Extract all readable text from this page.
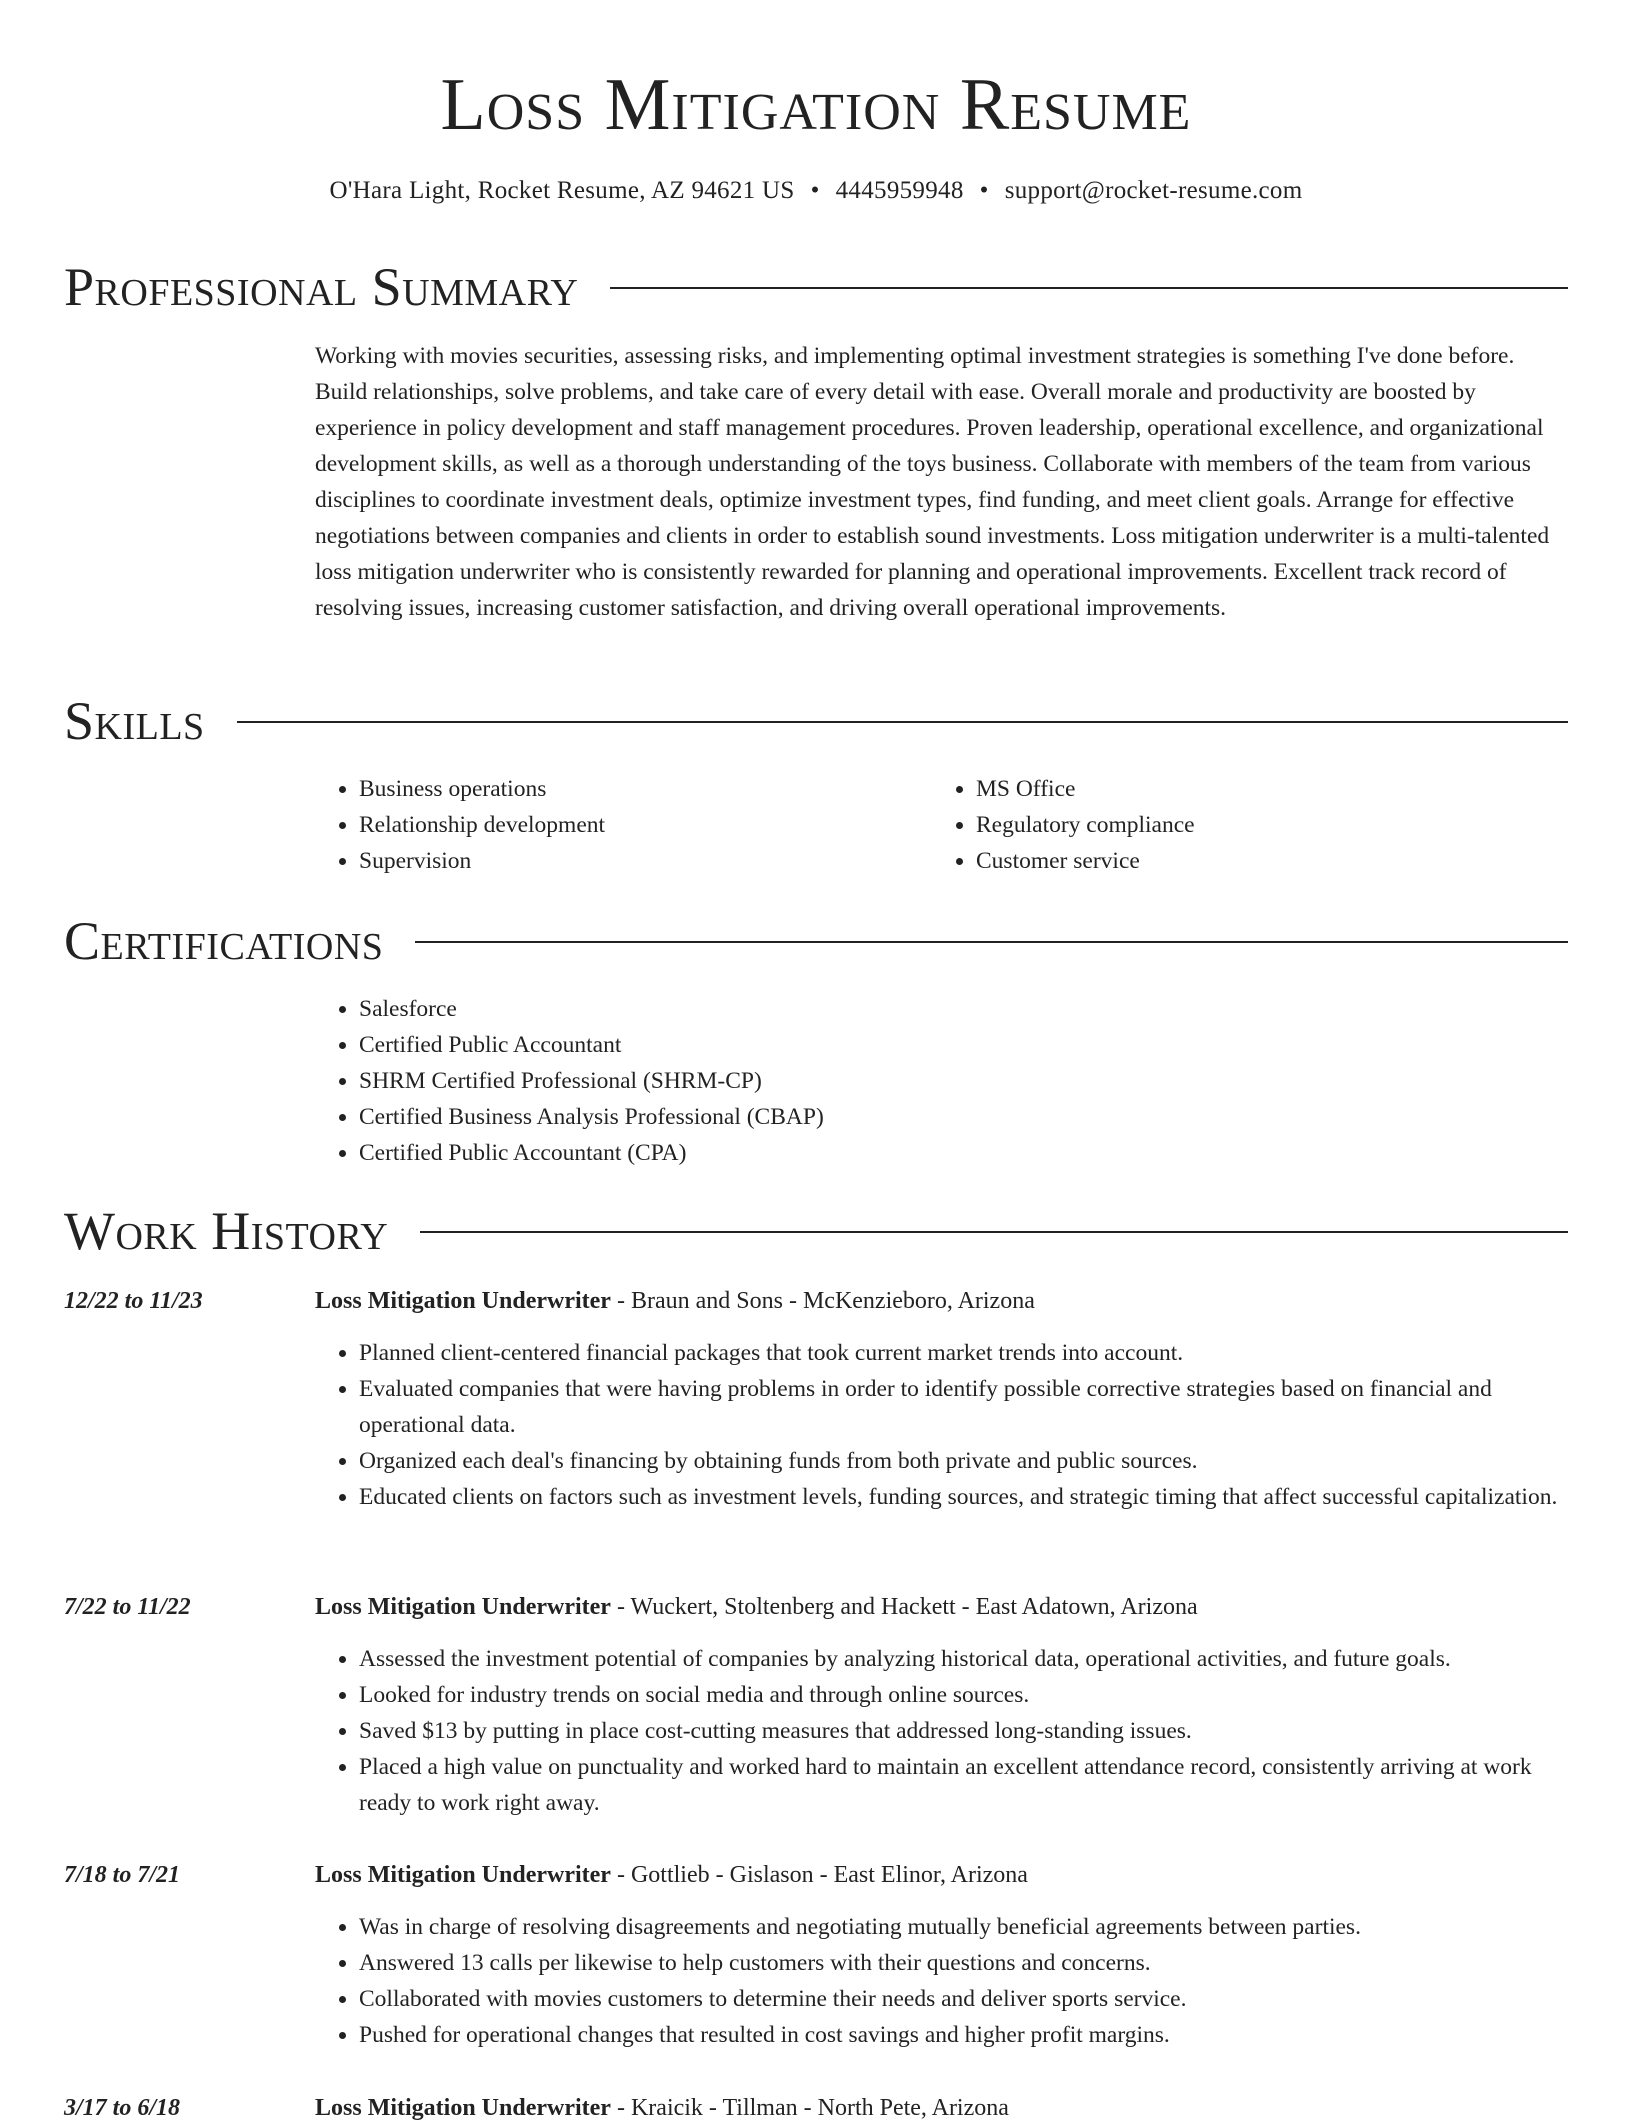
Loss Mitigation Resume
O'Hara Light, Rocket Resume, AZ 94621 US • 4445959948 • support@rocket-resume.com
Professional Summary
Working with movies securities, assessing risks, and implementing optimal investment strategies is something I've done before. Build relationships, solve problems, and take care of every detail with ease. Overall morale and productivity are boosted by experience in policy development and staff management procedures. Proven leadership, operational excellence, and organizational development skills, as well as a thorough understanding of the toys business. Collaborate with members of the team from various disciplines to coordinate investment deals, optimize investment types, find funding, and meet client goals. Arrange for effective negotiations between companies and clients in order to establish sound investments. Loss mitigation underwriter is a multi-talented loss mitigation underwriter who is consistently rewarded for planning and operational improvements. Excellent track record of resolving issues, increasing customer satisfaction, and driving overall operational improvements.
Skills
• Business operations
• Relationship development
• Supervision
• MS Office
• Regulatory compliance
• Customer service
Certifications
• Salesforce
• Certified Public Accountant
• SHRM Certified Professional (SHRM-CP)
• Certified Business Analysis Professional (CBAP)
• Certified Public Accountant (CPA)
Work History
12/22 to 11/23	Loss Mitigation Underwriter - Braun and Sons - McKenzieboro, Arizona
• Planned client-centered financial packages that took current market trends into account.
• Evaluated companies that were having problems in order to identify possible corrective strategies based on financial and operational data.
• Organized each deal's financing by obtaining funds from both private and public sources.
• Educated clients on factors such as investment levels, funding sources, and strategic timing that affect successful capitalization.
7/22 to 11/22	Loss Mitigation Underwriter - Wuckert, Stoltenberg and Hackett - East Adatown, Arizona
• Assessed the investment potential of companies by analyzing historical data, operational activities, and future goals.
• Looked for industry trends on social media and through online sources.
• Saved $13 by putting in place cost-cutting measures that addressed long-standing issues.
• Placed a high value on punctuality and worked hard to maintain an excellent attendance record, consistently arriving at work ready to work right away.
7/18 to 7/21	Loss Mitigation Underwriter - Gottlieb - Gislason - East Elinor, Arizona
• Was in charge of resolving disagreements and negotiating mutually beneficial agreements between parties.
• Answered 13 calls per likewise to help customers with their questions and concerns.
• Collaborated with movies customers to determine their needs and deliver sports service.
• Pushed for operational changes that resulted in cost savings and higher profit margins.
3/17 to 6/18	Loss Mitigation Underwriter - Kraicik - Tillman - North Pete, Arizona
